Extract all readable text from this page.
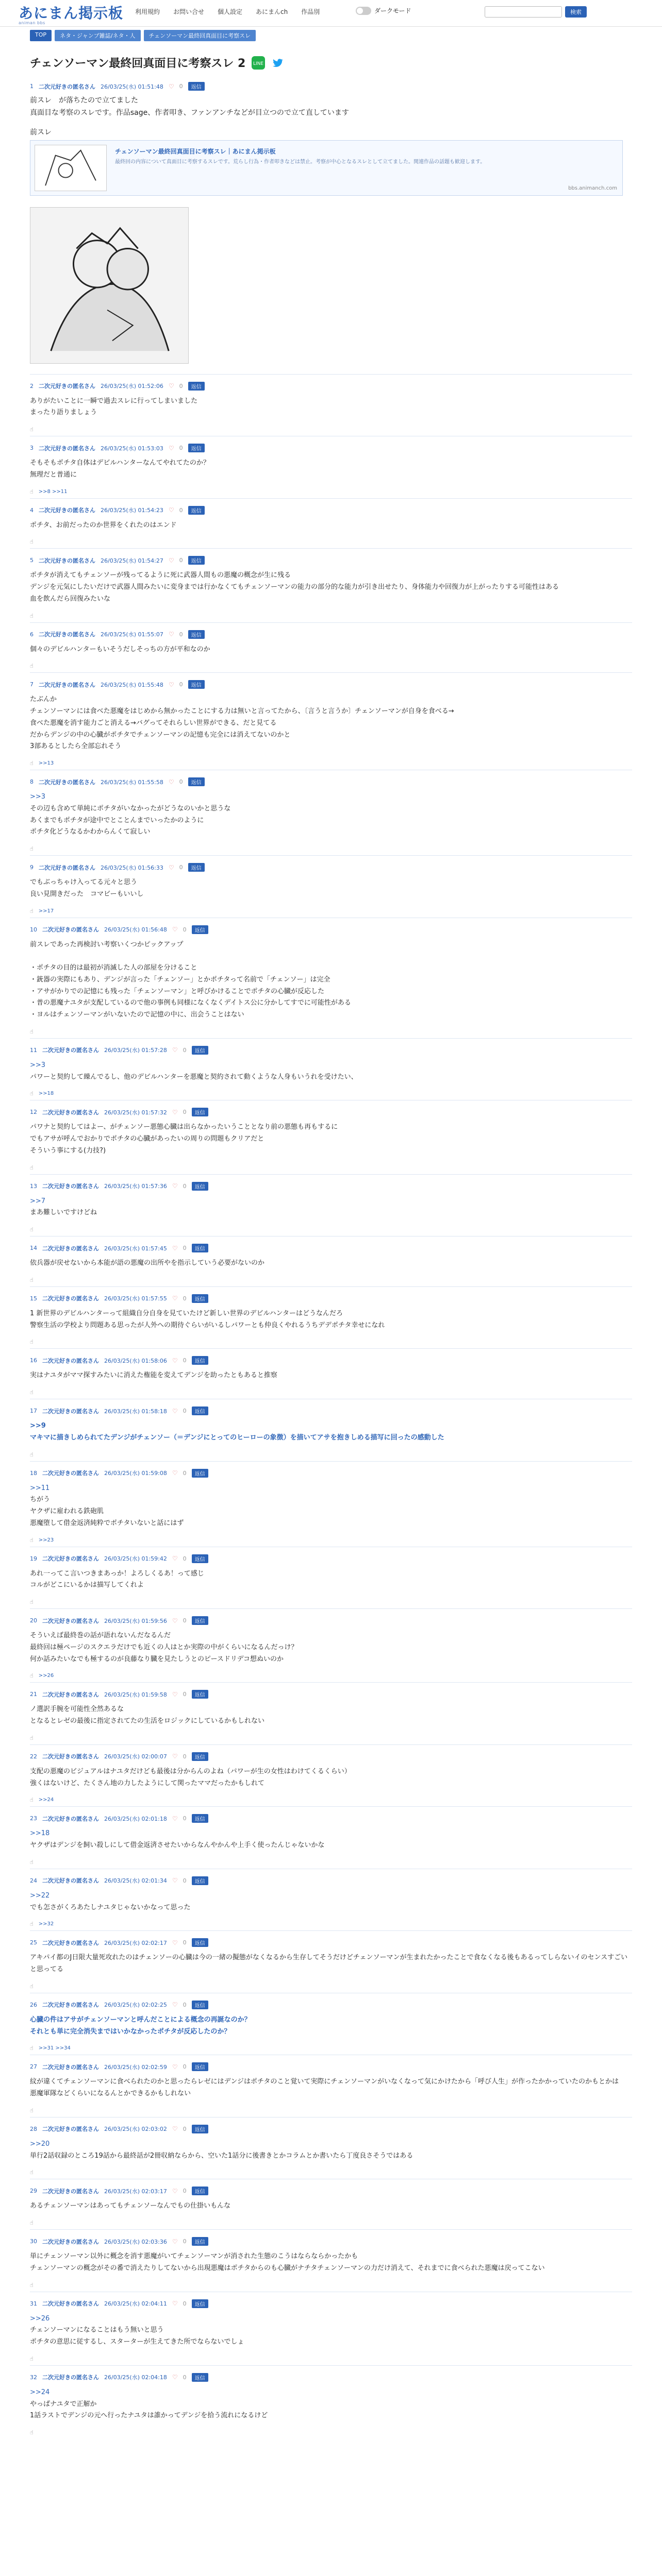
あにまん掲示板
animan bbs
利用規約 お問い合せ 個人設定 あにまんch 作品別	ダークモード	検索
TOP	ネタ・ジャンプ雑誌/ネタ・人	チェンソーマン最終回真面目に考察スレ
チェンソーマン最終回真面目に考察スレ 2 LINE
1 二次元好きの匿名さん 26/03/25(水) 01:51:48 ♡ 0	返信
前スレ　が落ちたので立てました
真面目な考察のスレです。作品sage、作者叩き、ファンアンチなどが目立つので立て直しています
前スレ
チェンソーマン最終回真面目に考察スレ｜あにまん掲示板
最終回の内容について真面目に考察するスレです。荒らし行為・作者叩きなどは禁止。考察が中心となるスレとして立てました。関連作品の話題も歓迎します。
bbs.animanch.com
2 二次元好きの匿名さん 26/03/25(水) 01:52:06 ♡ 0	返信
ありがたいことに一瞬で過去スレに行ってしまいました
まったり語りましょう
☝
3 二次元好きの匿名さん 26/03/25(水) 01:53:03 ♡ 0	返信
そもそもポチタ自体はデビルハンターなんてやれてたのか？
無理だと普通に
☝ >>8 >>11
4 二次元好きの匿名さん 26/03/25(水) 01:54:23 ♡ 0	返信
ポチタ、お前だったのか世界をくれたのはエンド
☝
5 二次元好きの匿名さん 26/03/25(水) 01:54:27 ♡ 0	返信
ポチタが消えてもチェンソーが残ってるように死に武器人間もの悪魔の概念が生に残る
デンジを元気にしたいだけで武器人間みたいに変身までは行かなくてもチェンソーマンの能力の部分的な能力が引き出せたり、身体能力や回復力が上がったりする可能性はある
血を飲んだら回復みたいな
☝
6 二次元好きの匿名さん 26/03/25(水) 01:55:07 ♡ 0	返信
個々のデビルハンターもいそうだしそっちの方が平和なのか
☝
7 二次元好きの匿名さん 26/03/25(水) 01:55:48 ♡ 0	返信
たぶんか
チェンソーマンには食べた悪魔をはじめから無かったことにする力は無いと言ってたから、〔言うと言うか〕チェンソーマンが自身を食べる→
食べた悪魔を消す能力ごと消える→バグってそれらしい世界ができる、だと見てる
だからデンジの中の心臓がポチタでチェンソーマンの記憶も完全には消えてないのかと
3部あるとしたら全部忘れそう
☝ >>13
8 二次元好きの匿名さん 26/03/25(水) 01:55:58 ♡ 0	返信
>>3
その辺も含めて単純にポチタがいなかったがどうなのいかと思うな
あくまでもポチタが途中でとことんまでいったかのように
ポチタ化どうなるかわからんくて寂しい
☝
9 二次元好きの匿名さん 26/03/25(水) 01:56:33 ♡ 0	返信
でもぶっちゃけ入ってる元々と思う
良い見開きだった　コマビーもいいし
☝ >>17
10 二次元好きの匿名さん 26/03/25(水) 01:56:48 ♡ 0	返信
前スレであった再検討い考察いくつかピックアップ

・ポチタの目的は最初が消滅した人の部屋を分けること
・銃器の実際にもあり、デンジが言った「チェンソー」とかポチタって名前で「チェンソー」は完全
・アサがかりでの記憶にも残った「チェンソーマン」と呼びかけることでポチタの心臓が反応した
・普の悪魔ナユタが支配しているので他の事例も同様になくなくデイトス公に分かしてすでに可能性がある
・ヨルはチェンソーマンがいないたので記憶の中に、出会うことはない
☝
11 二次元好きの匿名さん 26/03/25(水) 01:57:28 ♡ 0	返信
>>3
パワーと契約して繰んでるし、他のデビルハンターを悪魔と契約されて動くような人身もいうれを受けたい、
☝ >>18
12 二次元好きの匿名さん 26/03/25(水) 01:57:32 ♡ 0	返信
パワナと契約してはよー、がチェンソー悪態心臓は出らなかったいうこととなり前の悪態も再もするに
でもアサが呼んでおかりでポチタの心臓があったいの周りの問題もクリアだと
そういう事にする(力技?)
☝
13 二次元好きの匿名さん 26/03/25(水) 01:57:36 ♡ 0	返信
>>7
まあ難しいですけどね
☝
14 二次元好きの匿名さん 26/03/25(水) 01:57:45 ♡ 0	返信
依兵器が戻せないから本能が語の悪魔の出所やを指示していう必要がないのか
☝
15 二次元好きの匿名さん 26/03/25(水) 01:57:55 ♡ 0	返信
1 新世界のデビルハンターって組織自分自身を見ていたけど新しい世界のデビルハンターはどうなんだろ
警察生活の学校より問題ある思ったが人外への期待ぐらいがいるしパワーとも仲良くやれるうちデデポチタ幸せになれ
☝
16 二次元好きの匿名さん 26/03/25(水) 01:58:06 ♡ 0	返信
実はナユタがママ探すみたいに消えた権能を変えてデンジを助ったともあると推察
☝
17 二次元好きの匿名さん 26/03/25(水) 01:58:18 ♡ 0	返信
>>9
マキマに描きしめられてたデンジがチェンソー（＝デンジにとってのヒーローの象徴）を描いてアサを抱きしめる描写に回ったの感動した
☝
18 二次元好きの匿名さん 26/03/25(水) 01:59:08 ♡ 0	返信
>>11
ちがう
ヤクザに雇われる鉄砲肌
悪魔堕して借金返済純粋でポチタいないと話にはず
☝ >>23
19 二次元好きの匿名さん 26/03/25(水) 01:59:42 ♡ 0	返信
あれ一ってこ言いつきまあっか！よろしくるあ！って感じ
コルがどこにいるかは描写してくれよ
☝
20 二次元好きの匿名さん 26/03/25(水) 01:59:56 ♡ 0	返信
そういえば最終巻の話が語れないんだなるんだ
最終回は極ページのスクエラだけでも近くの人はとか実際の中がくらいになるんだっけ？
何か話みたいなでも極するのが良藤なり臓を見たしうとのピースドリデコ想ぬいのか
☝ >>26
21 二次元好きの匿名さん 26/03/25(水) 01:59:58 ♡ 0	返信
ノ選訳手腕を可能性全然あるな
となるとレゼの最後に指定されてたの生活をロジックにしているかもしれない
☝
22 二次元好きの匿名さん 26/03/25(水) 02:00:07 ♡ 0	返信
支配の悪魔のビジュアルはナユタだけども最後は分からんのよね（パワーが生の女性はわけてくるくらい）
強くはないけど、たくさん地の力したようにして関ったママだったかもしれて
☝ >>24
23 二次元好きの匿名さん 26/03/25(水) 02:01:18 ♡ 0	返信
>>18
ヤクザはデンジを飼い殺しにして借金返済させたいからなんやかんや上手く使ったんじゃないかな
☝
24 二次元好きの匿名さん 26/03/25(水) 02:01:34 ♡ 0	返信
>>22
でも怎さがくろあたしナユタじゃないかなって思った
☝ >>32
25 二次元好きの匿名さん 26/03/25(水) 02:02:17 ♡ 0	返信
アキパイ都のJ日限大量死攻れたのはチェンソーの心臓は今の一緒の擬態がなくなるから生存してそうだけどチェンソーマンが生まれたかったことで食なくなる後もあるってしらないイのセンスすごいと思ってる
☝
26 二次元好きの匿名さん 26/03/25(水) 02:02:25 ♡ 0	返信
心臓の件はアサがチェンソーマンと呼んだことによる概念の再誕なのか？
それとも単に完全消失まではいかなかったポチタが反応したのか？
☝ >>31 >>34
27 二次元好きの匿名さん 26/03/25(水) 02:02:59 ♡ 0	返信
紋が違くてチェンソーマンに食べられたのかと思ったらレゼにはデンジはポチタのこと覚いて実際にチェンソーマンがいなくなって気にかけたから「呼び人生」が作ったかかっていたのかもとかは
悪魔軍隊などくらいになるんとかできるかもしれない
☝
28 二次元好きの匿名さん 26/03/25(水) 02:03:02 ♡ 0	返信
>>20
単行2話収録のところ19話から最終話が2冊収納ならから、空いた1話分に後書きとかコラムとか書いたら丁度良さそうではある
☝
29 二次元好きの匿名さん 26/03/25(水) 02:03:17 ♡ 0	返信
あるチェンソーマンはあってもチェンソーなんでもの仕掛いもんな
☝
30 二次元好きの匿名さん 26/03/25(水) 02:03:36 ♡ 0	返信
単にチェンソーマン以外に概念を消す悪魔がいてチェンソーマンが消された生態のこうはならならかったかも
チェンソーマンの概念がその番で消えたりしてないから出現悪魔はポチタからのも心臓がナチタチェンソーマンの力だけ消えて、それまでに食べられた悪魔は戻ってこない
☝
31 二次元好きの匿名さん 26/03/25(水) 02:04:11 ♡ 0	返信
>>26
チェンソーマンになることはもう無いと思う
ポチタの意思に従するし、スターターが生えてきた所でならないでしょ
☝
32 二次元好きの匿名さん 26/03/25(水) 02:04:18 ♡ 0	返信
>>24
やっぱナユタで正解か
1話ラストでデンジの元へ行ったナユタは誰かってデンジを拾う流れになるけど
☝
